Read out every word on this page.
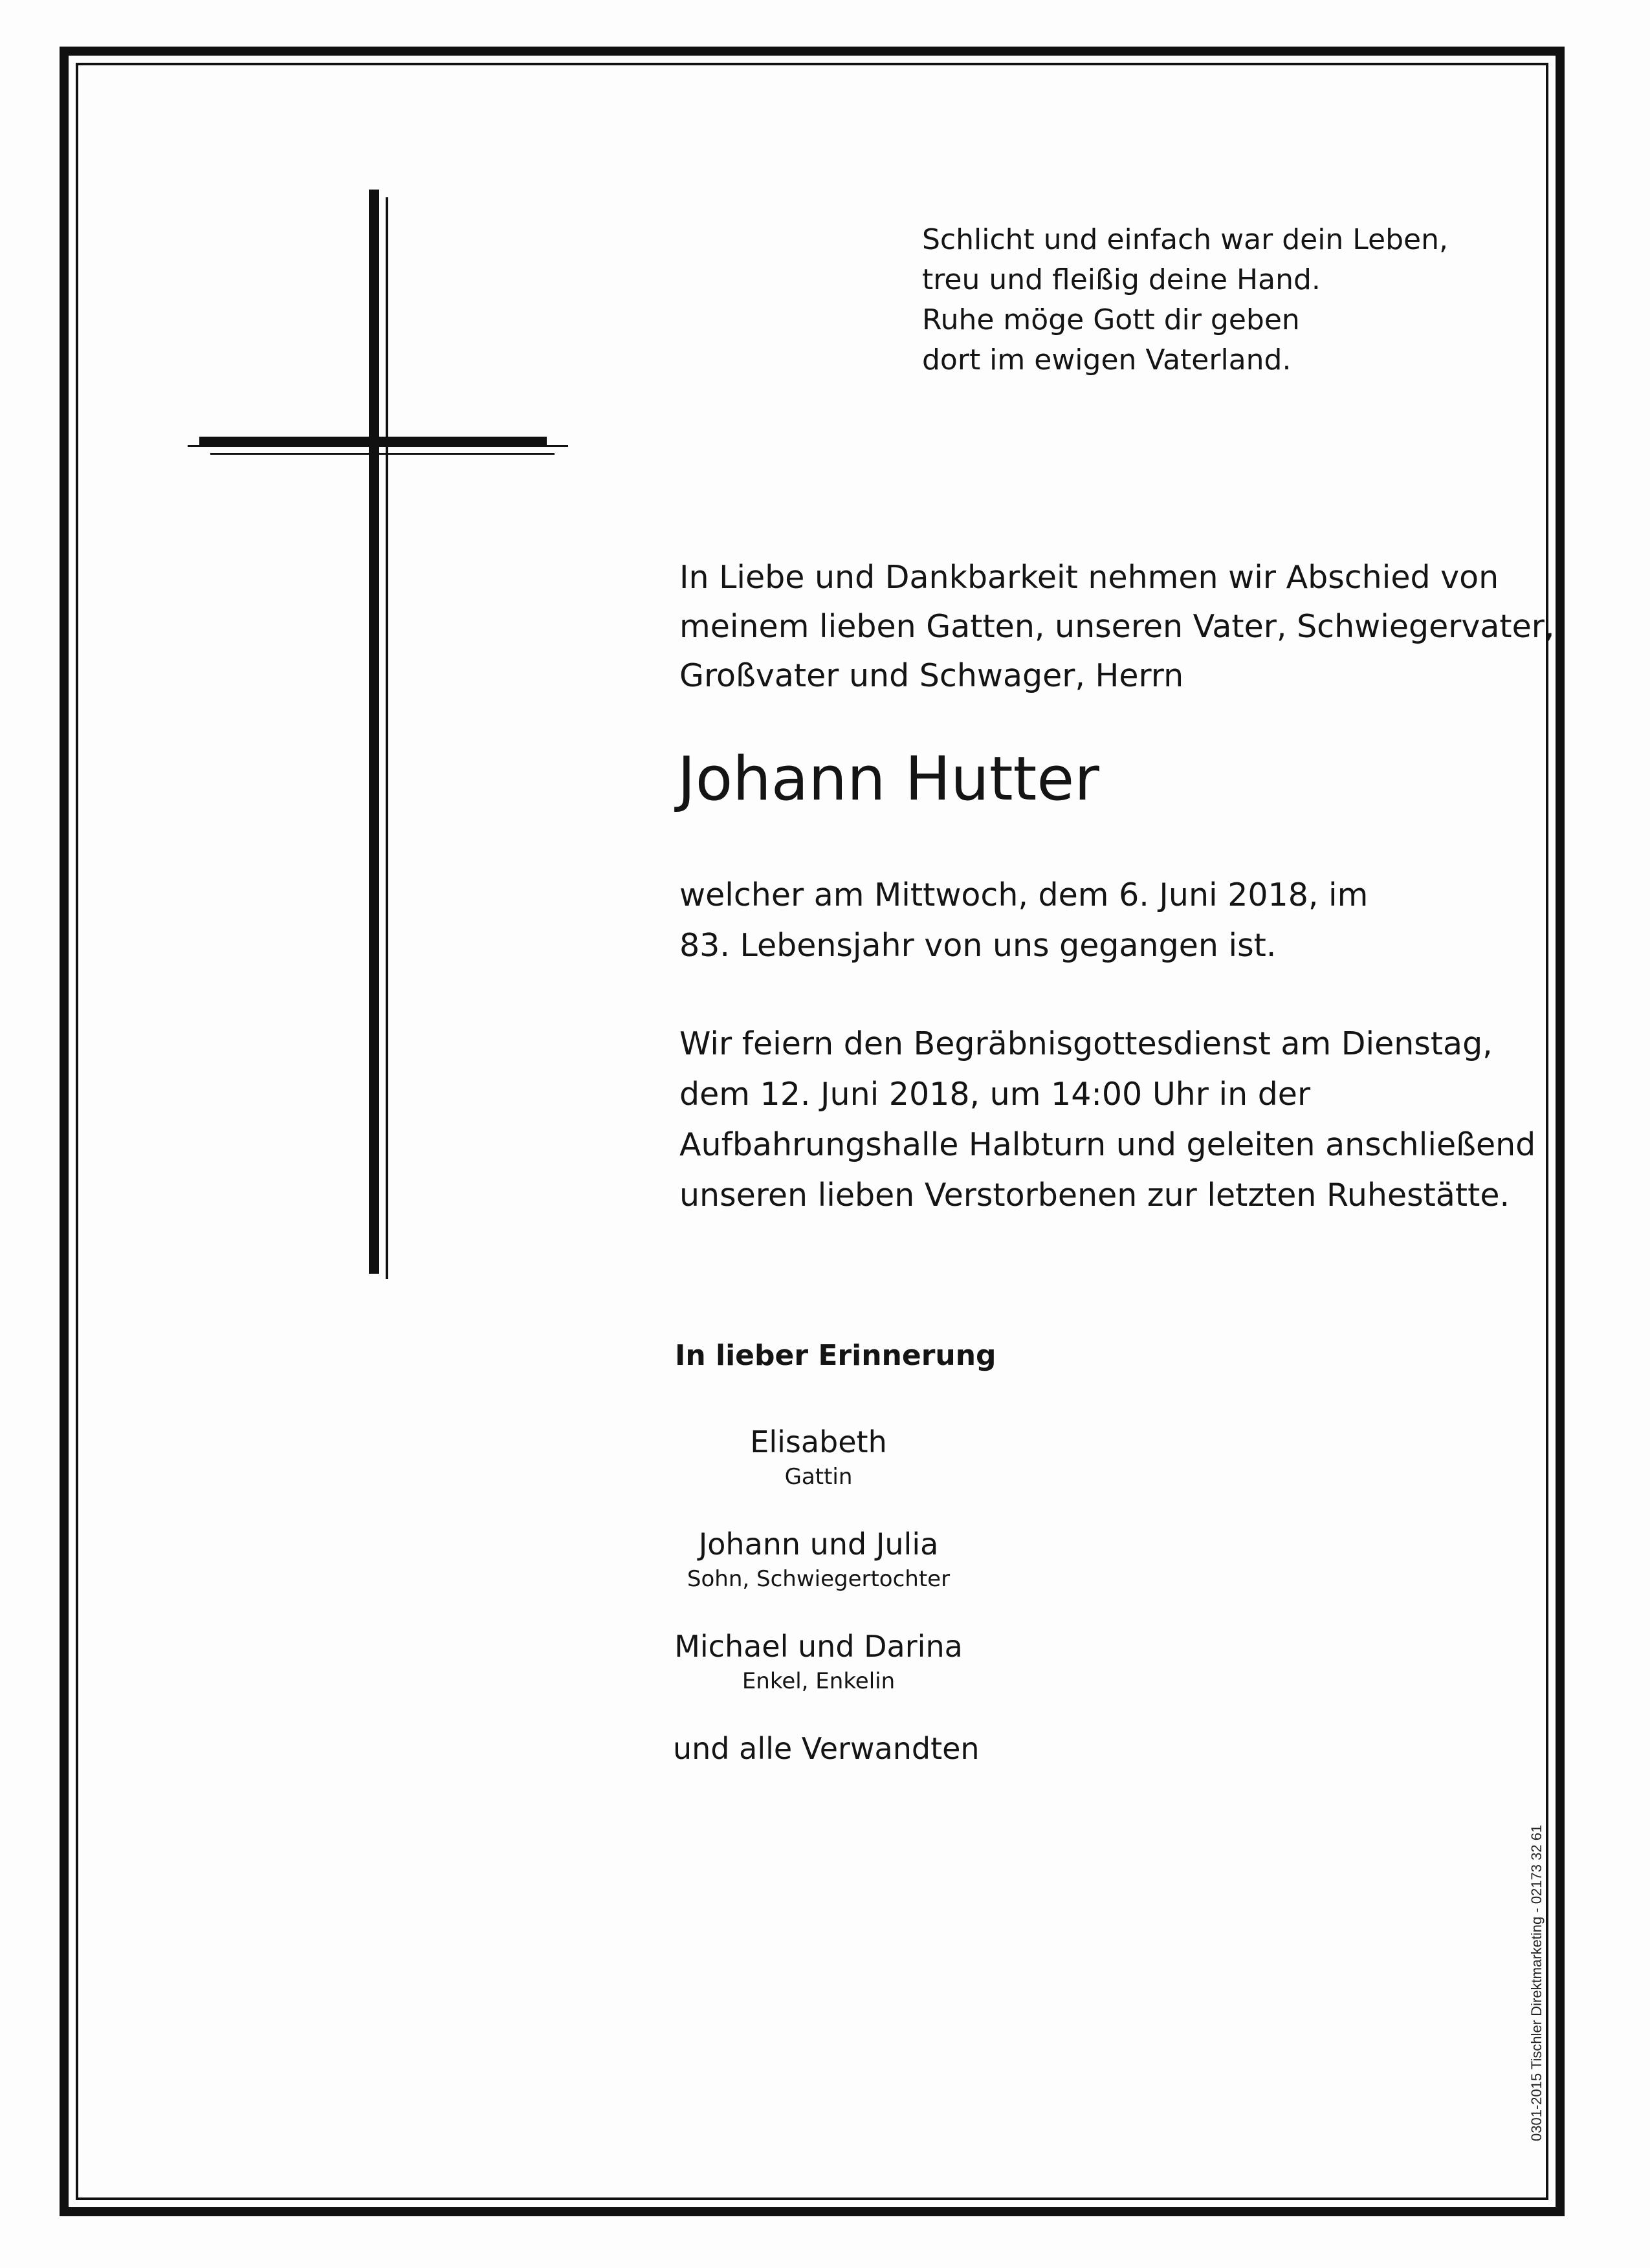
Schlicht und einfach war dein Leben,
treu und fleißig deine Hand.
Ruhe möge Gott dir geben
dort im ewigen Vaterland.
In Liebe und Dankbarkeit nehmen wir Abschied von
meinem lieben Gatten, unseren Vater, Schwiegervater,
Großvater und Schwager, Herrn
Johann Hutter
welcher am Mittwoch, dem 6. Juni 2018, im
83. Lebensjahr von uns gegangen ist.
Wir feiern den Begräbnisgottesdienst am Dienstag,
dem 12. Juni 2018, um 14:00 Uhr in der
Aufbahrungshalle Halbturn und geleiten anschließend
unseren lieben Verstorbenen zur letzten Ruhestätte.
In lieber Erinnerung
Elisabeth
Gattin
Johann und Julia
Sohn, Schwiegertochter
Michael und Darina
Enkel, Enkelin
und alle Verwandten
0301-2015 Tischler Direktmarketing - 02173 32 61
